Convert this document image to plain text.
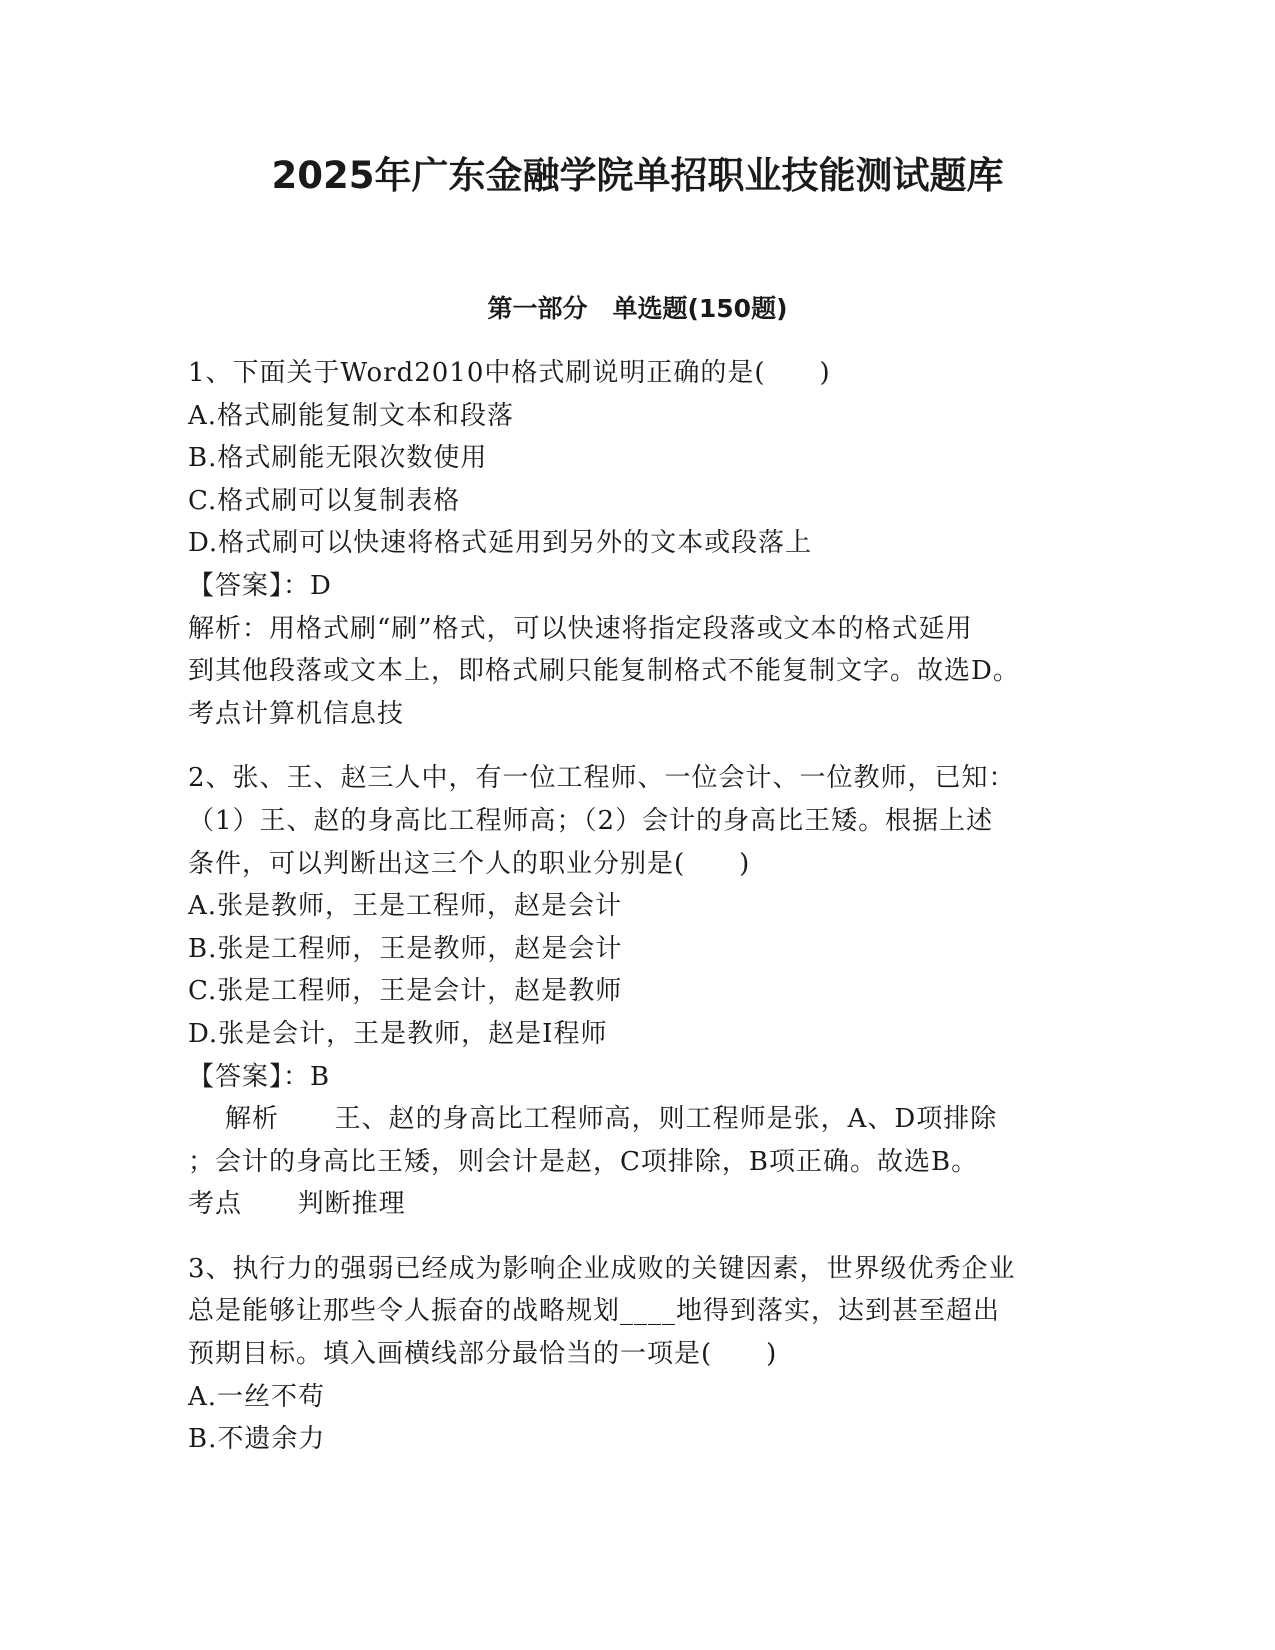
2025年广东金融学院单招职业技能测试题库
第一部分　单选题(150题)
1、下面关于Word2010中格式刷说明正确的是(　　)
A.格式刷能复制文本和段落
B.格式刷能无限次数使用
C.格式刷可以复制表格
D.格式刷可以快速将格式延用到另外的文本或段落上
【答案】：D
解析：用格式刷“刷”格式，可以快速将指定段落或文本的格式延用
到其他段落或文本上，即格式刷只能复制格式不能复制文字。故选D。
考点计算机信息技
2、张、王、赵三人中，有一位工程师、一位会计、一位教师，已知：
（1）王、赵的身高比工程师高；（2）会计的身高比王矮。根据上述
条件，可以判断出这三个人的职业分别是(　　)
A.张是教师，王是工程师，赵是会计
B.张是工程师，王是教师，赵是会计
C.张是工程师，王是会计，赵是教师
D.张是会计，王是教师，赵是I程师
【答案】：B
解析      王、赵的身高比工程师高，则工程师是张，A、D项排除
；会计的身高比王矮，则会计是赵，C项排除，B项正确。故选B。
考点      判断推理
3、执行力的强弱已经成为影响企业成败的关键因素，世界级优秀企业
总是能够让那些令人振奋的战略规划____地得到落实，达到甚至超出
预期目标。填入画横线部分最恰当的一项是(　　)
A.一丝不苟
B.不遗余力
